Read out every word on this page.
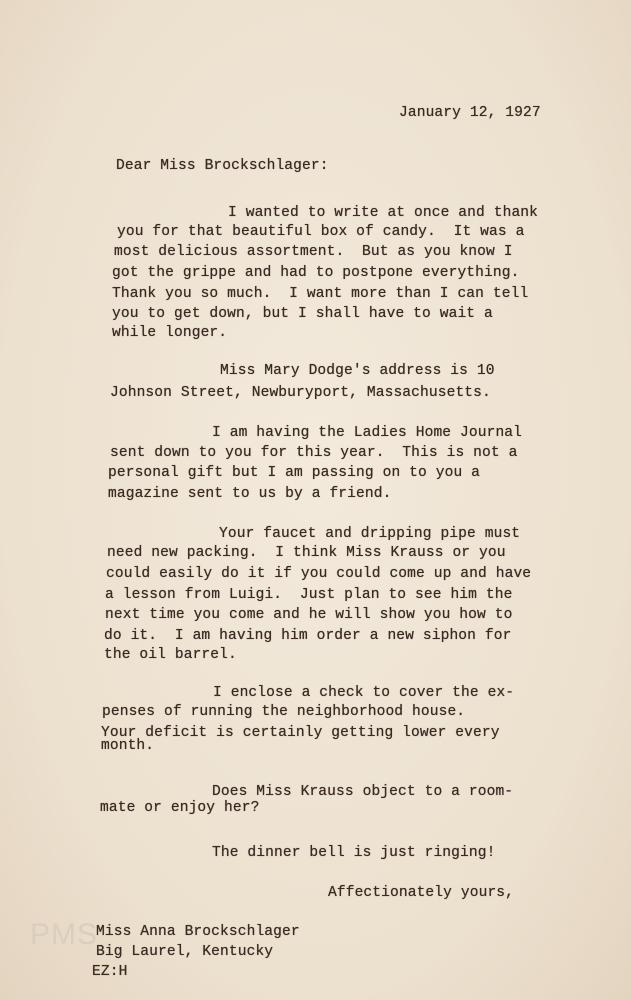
January 12, 1927
Dear Miss Brockschlager:
I wanted to write at once and thank
you for that beautiful box of candy.  It was a
most delicious assortment.  But as you know I
got the grippe and had to postpone everything.
Thank you so much.  I want more than I can tell
you to get down, but I shall have to wait a
while longer.
Miss Mary Dodge's address is 10
Johnson Street, Newburyport, Massachusetts.
I am having the Ladies Home Journal
sent down to you for this year.  This is not a
personal gift but I am passing on to you a
magazine sent to us by a friend.
Your faucet and dripping pipe must
need new packing.  I think Miss Krauss or you
could easily do it if you could come up and have
a lesson from Luigi.  Just plan to see him the
next time you come and he will show you how to
do it.  I am having him order a new siphon for
the oil barrel.
I enclose a check to cover the ex-
penses of running the neighborhood house.
Your deficit is certainly getting lower every
month.
Does Miss Krauss object to a room-
mate or enjoy her?
The dinner bell is just ringing!
Affectionately yours,
Miss Anna Brockschlager
Big Laurel, Kentucky
EZ:H
PMS
